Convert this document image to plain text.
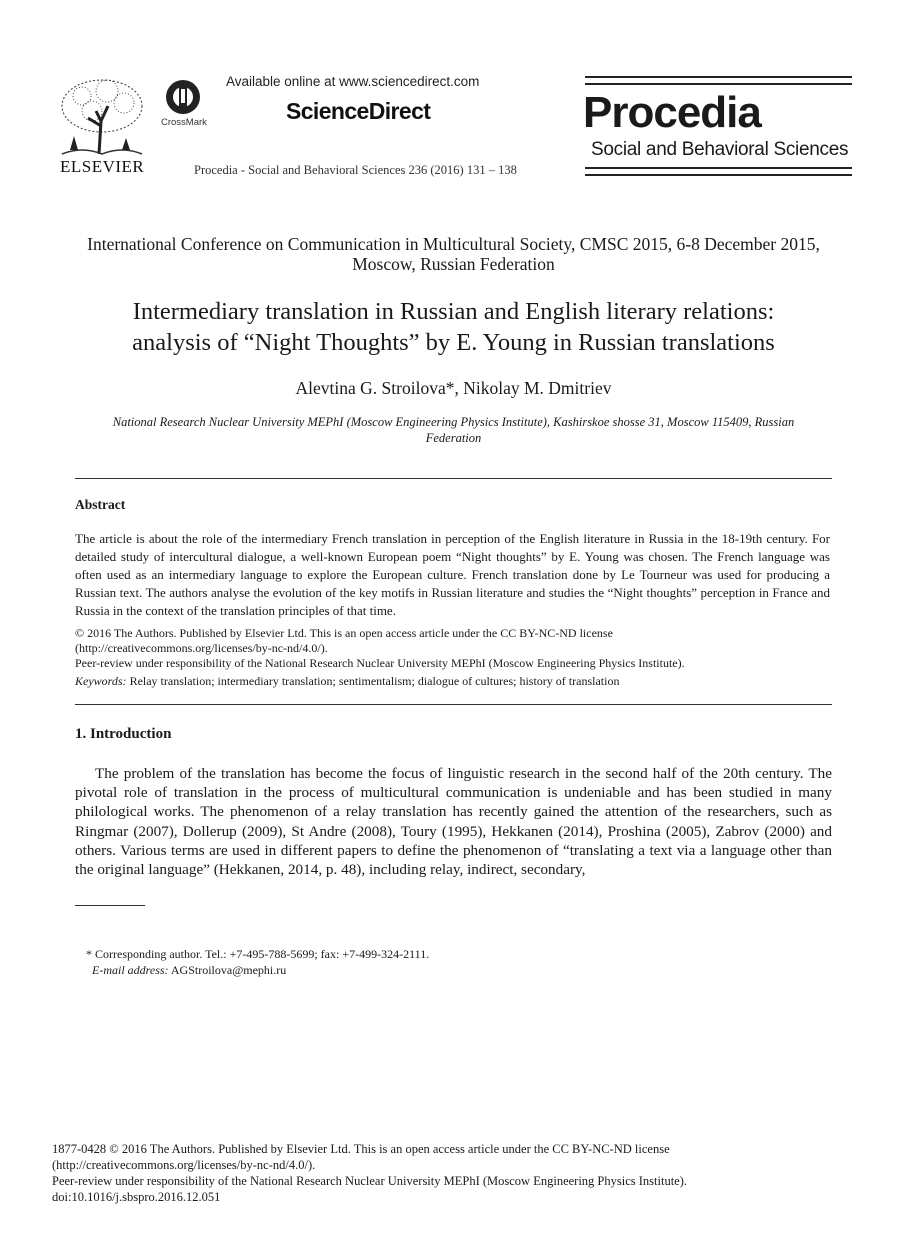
ELSEVIER
CrossMark
Available online at www.sciencedirect.com
ScienceDirect
Procedia - Social and Behavioral Sciences 236 (2016) 131 – 138
Procedia
Social and Behavioral Sciences
International Conference on Communication in Multicultural Society, CMSC 2015, 6-8 December 2015, Moscow, Russian Federation
Intermediary translation in Russian and English literary relations:
analysis of “Night Thoughts” by E. Young in Russian translations
Alevtina G. Stroilova*, Nikolay M. Dmitriev
National Research Nuclear University MEPhI (Moscow Engineering Physics Institute), Kashirskoe shosse 31, Moscow 115409, Russian Federation
Abstract
The article is about the role of the intermediary French translation in perception of the English literature in Russia in the 18-19th century. For detailed study of intercultural dialogue, a well-known European poem “Night thoughts” by E. Young was chosen. The French language was often used as an intermediary language to explore the European culture. French translation done by Le Tourneur was used for producing a Russian text. The authors analyse the evolution of the key motifs in Russian literature and studies the “Night thoughts” perception in France and Russia in the context of the translation principles of that time.
© 2016 The Authors. Published by Elsevier Ltd. This is an open access article under the CC BY-NC-ND license
(http://creativecommons.org/licenses/by-nc-nd/4.0/).
Peer-review under responsibility of the National Research Nuclear University MEPhI (Moscow Engineering Physics Institute).
Keywords: Relay translation; intermediary translation; sentimentalism; dialogue of cultures; history of translation
1. Introduction
The problem of the translation has become the focus of linguistic research in the second half of the 20th century. The pivotal role of translation in the process of multicultural communication is undeniable and has been studied in many philological works. The phenomenon of a relay translation has recently gained the attention of the researchers, such as Ringmar (2007), Dollerup (2009), St Andre (2008), Toury (1995), Hekkanen (2014), Proshina (2005), Zabrov (2000) and others. Various terms are used in different papers to define the phenomenon of “translating a text via a language other than the original language” (Hekkanen, 2014, p. 48), including relay, indirect, secondary,
* Corresponding author. Tel.: +7-495-788-5699; fax: +7-499-324-2111.
E-mail address: AGStroilova@mephi.ru
1877-0428 © 2016 The Authors. Published by Elsevier Ltd. This is an open access article under the CC BY-NC-ND license
(http://creativecommons.org/licenses/by-nc-nd/4.0/).
Peer-review under responsibility of the National Research Nuclear University MEPhI (Moscow Engineering Physics Institute).
doi:10.1016/j.sbspro.2016.12.051
